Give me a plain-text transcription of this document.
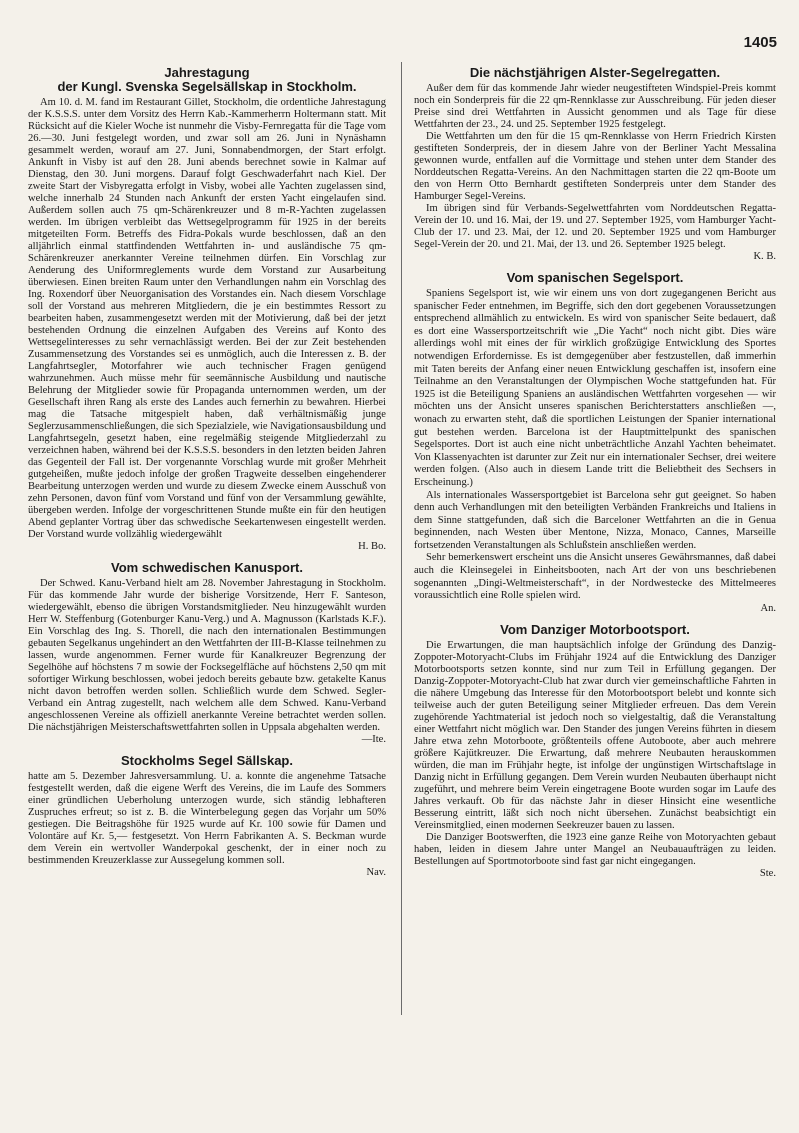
1405
Jahrestagung
der Kungl. Svenska Segelsällskap in Stockholm.

Am 10. d. M. fand im Restaurant Gillet, Stockholm, die ordentliche Jahrestagung der K.S.S.S. unter dem Vorsitz des Herrn Kab.-Kammerherrn Holtermann statt. Mit Rücksicht auf die Kieler Woche ist nunmehr die Visby-Fernregatta für die Tage vom 26.—30. Juni festgelegt worden, und zwar soll am 26. Juni in Nynäshamn gesammelt werden, worauf am 27. Juni, Sonnabendmorgen, der Start erfolgt. Ankunft in Visby ist auf den 28. Juni abends berechnet sowie in Kalmar auf Dienstag, den 30. Juni morgens. Darauf folgt Geschwaderfahrt nach Kiel. Der zweite Start der Visbyregatta erfolgt in Visby, wobei alle Yachten zugelassen sind, welche innerhalb 24 Stunden nach Ankunft der ersten Yacht eingelaufen sind. Außerdem sollen auch 75 qm-Schärenkreuzer und 8 m-R-Yachten zugelassen werden. Im übrigen verbleibt das Wettsegelprogramm für 1925 in der bereits mitgeteilten Form. Betreffs des Fidra-Pokals wurde beschlossen, daß an den alljährlich einmal stattfindenden Wettfahrten in- und ausländische 75 qm-Schärenkreuzer anerkannter Vereine teilnehmen dürfen. Ein Vorschlag zur Aenderung des Uniformreglements wurde dem Vorstand zur Ausarbeitung überwiesen. Einen breiten Raum unter den Verhandlungen nahm ein Vorschlag des Ing. Roxendorf über Neuorganisation des Vorstandes ein. Nach diesem Vorschlage soll der Vorstand aus mehreren Mitgliedern, die je ein bestimmtes Ressort zu bearbeiten haben, zusammengesetzt werden mit der Motivierung, daß bei der jetzt bestehenden Ordnung die einzelnen Aufgaben des Vereins auf Konto des Wettsegelinteresses zu sehr vernachlässigt werden. Bei der zur Zeit bestehenden Zusammensetzung des Vorstandes sei es unmöglich, auch die Interessen z. B. der Langfahrtsegler, Motorfahrer wie auch technischer Fragen genügend wahrzunehmen. Auch müsse mehr für seemännische Ausbildung und nautische Belehrung der Mitglieder sowie für Propaganda unternommen werden, um der Gesellschaft ihren Rang als erste des Landes auch fernerhin zu bewahren. Hierbei mag die Tatsache mitgespielt haben, daß verhältnismäßig junge Seglerzusammenschließungen, die sich Spezialziele, wie Navigationsausbildung und Langfahrtsegeln, gesetzt haben, eine regelmäßig steigende Mitgliederzahl zu verzeichnen haben, während bei der K.S.S.S. besonders in den letzten beiden Jahren das Gegenteil der Fall ist. Der vorgenannte Vorschlag wurde mit großer Mehrheit gutgeheißen, mußte jedoch infolge der großen Tragweite desselben eingehenderer Bearbeitung unterzogen werden und wurde zu diesem Zwecke einem Ausschuß von zehn Personen, davon fünf vom Vorstand und fünf von der Versammlung gewählte, übergeben werden. Infolge der vorgeschrittenen Stunde mußte ein für den heutigen Abend geplanter Vortrag über das schwedische Seekartenwesen eingestellt werden. Der Vorstand wurde vollzählig wiedergewählt

H. Bo.
Vom schwedischen Kanusport.

Der Schwed. Kanu-Verband hielt am 28. November Jahrestagung in Stockholm. Für das kommende Jahr wurde der bisherige Vorsitzende, Herr F. Santeson, wiedergewählt, ebenso die übrigen Vorstandsmitglieder. Neu hinzugewählt wurden Herr W. Steffenburg (Gotenburger Kanu-Verg.) und A. Magnusson (Karlstads K.F.). Ein Vorschlag des Ing. S. Thorell, die nach den internationalen Bestimmungen gebauten Segelkanus ungehindert an den Wettfahrten der III-B-Klasse teilnehmen zu lassen, wurde angenommen. Ferner wurde für Kanalkreuzer Begrenzung der Segelhöhe auf höchstens 7 m sowie der Focksegelfläche auf höchstens 2,50 qm mit sofortiger Wirkung beschlossen, wobei jedoch bereits gebaute bzw. getakelte Kanus nicht davon betroffen werden sollen. Schließlich wurde dem Schwed. Segler-Verband ein Antrag zugestellt, nach welchem alle dem Schwed. Kanu-Verband angeschlossenen Vereine als offiziell anerkannte Vereine betrachtet werden sollen. Die nächstjährigen Meisterschaftswettfahrten sollen in Uppsala abgehalten werden.

—Ite.
Stockholms Segel Sällskap.

hatte am 5. Dezember Jahresversammlung. U. a. konnte die angenehme Tatsache festgestellt werden, daß die eigene Werft des Vereins, die im Laufe des Sommers einer gründlichen Ueberholung unterzogen wurde, sich ständig lebhafteren Zuspruches erfreut; so ist z. B. die Winterbelegung gegen das Vorjahr um 50% gestiegen. Die Beitragshöhe für 1925 wurde auf Kr. 100 sowie für Damen und Volontäre auf Kr. 5,— festgesetzt. Von Herrn Fabrikanten A. S. Beckman wurde dem Verein ein wertvoller Wanderpokal geschenkt, der in einer noch zu bestimmenden Kreuzerklasse zur Aussegelung kommen soll.

Nav.
Die nächstjährigen Alster-Segelregatten.

Außer dem für das kommende Jahr wieder neugestifteten Windspiel-Preis kommt noch ein Sonderpreis für die 22 qm-Rennklasse zur Ausschreibung. Für jeden dieser Preise sind drei Wettfahrten in Aussicht genommen und als Tage für diese Wettfahrten der 23., 24. und 25. September 1925 festgelegt.

Die Wettfahrten um den für die 15 qm-Rennklasse von Herrn Friedrich Kirsten gestifteten Sonderpreis, der in diesem Jahre von der Berliner Yacht Messalina gewonnen wurde, entfallen auf die Vormittage und stehen unter dem Stander des Norddeutschen Regatta-Vereins. An den Nachmittagen starten die 22 qm-Boote um den von Herrn Otto Bernhardt gestifteten Sonderpreis unter dem Stander des Hamburger Segel-Vereins.

Im übrigen sind für Verbands-Segelwettfahrten vom Norddeutschen Regatta-Verein der 10. und 16. Mai, der 19. und 27. September 1925, vom Hamburger Yacht-Club der 17. und 23. Mai, der 12. und 20. September 1925 und vom Hamburger Segel-Verein der 20. und 21. Mai, der 13. und 26. September 1925 belegt.

K. B.
Vom spanischen Segelsport.

Spaniens Segelsport ist, wie wir einem uns von dort zugegangenen Bericht aus spanischer Feder entnehmen, im Begriffe, sich den dort gegebenen Voraussetzungen entsprechend allmählich zu entwickeln. Es wird von spanischer Seite bedauert, daß es dort eine Wassersportzeitschrift wie „Die Yacht“ noch nicht gibt. Dies wäre allerdings wohl mit eines der für wirklich großzügige Entwicklung des Sportes notwendigen Erfordernisse. Es ist demgegenüber aber festzustellen, daß immerhin mit Taten bereits der Anfang einer neuen Entwicklung geschaffen ist, insofern eine Teilnahme an den Veranstaltungen der Olympischen Woche stattgefunden hat. Für 1925 ist die Beteiligung Spaniens an ausländischen Wettfahrten vorgesehen — wir möchten uns der Ansicht unseres spanischen Berichterstatters anschließen —, wonach zu erwarten steht, daß die sportlichen Leistungen der Spanier international gut bestehen werden. Barcelona ist der Hauptmittelpunkt des spanischen Segelsportes. Dort ist auch eine nicht unbeträchtliche Anzahl Yachten beheimatet. Von Klassenyachten ist darunter zur Zeit nur ein internationaler Sechser, drei weitere werden folgen. (Also auch in diesem Lande tritt die Beliebtheit des Sechsers in Erscheinung.)

Als internationales Wassersportgebiet ist Barcelona sehr gut geeignet. So haben denn auch Verhandlungen mit den beteiligten Verbänden Frankreichs und Italiens in dem Sinne stattgefunden, daß sich die Barceloner Wettfahrten an die in Genua beginnenden, nach Westen über Mentone, Nizza, Monaco, Cannes, Marseille fortsetzenden Veranstaltungen als Schlußstein anschließen werden.

Sehr bemerkenswert erscheint uns die Ansicht unseres Gewährsmannes, daß dabei auch die Kleinsegelei in Einheitsbooten, nach Art der von uns beschriebenen sogenannten „Dingi-Weltmeisterschaft“, in der Nordwestecke des Mittelmeeres voraussichtlich eine Rolle spielen wird.

An.
Vom Danziger Motorbootsport.

Die Erwartungen, die man hauptsächlich infolge der Gründung des Danzig-Zoppoter-Motoryacht-Clubs im Frühjahr 1924 auf die Entwicklung des Danziger Motorbootsports setzen konnte, sind nur zum Teil in Erfüllung gegangen. Der Danzig-Zoppoter-Motoryacht-Club hat zwar durch vier gemeinschaftliche Fahrten in die nähere Umgebung das Interesse für den Motorbootsport belebt und konnte sich teilweise auch der guten Beteiligung seiner Mitglieder erfreuen. Das dem Verein zugehörende Yachtmaterial ist jedoch noch so vielgestaltig, daß die Veranstaltung einer Wettfahrt nicht möglich war. Den Stander des jungen Vereins führten in diesem Jahre etwa zehn Motorboote, größtenteils offene Autoboote, aber auch mehrere größere Kajütkreuzer. Die Erwartung, daß mehrere Neubauten herauskommen würden, die man im Frühjahr hegte, ist infolge der ungünstigen Wirtschaftslage in Danzig nicht in Erfüllung gegangen. Dem Verein wurden Neubauten überhaupt nicht zugeführt, und mehrere beim Verein eingetragene Boote wurden sogar im Laufe des Jahres verkauft. Ob für das nächste Jahr in dieser Hinsicht eine wesentliche Besserung eintritt, läßt sich noch nicht übersehen. Zunächst beabsichtigt ein Vereinsmitglied, einen modernen Seekreuzer bauen zu lassen.

Die Danziger Bootswerften, die 1923 eine ganze Reihe von Motoryachten gebaut haben, leiden in diesem Jahre unter Mangel an Neubauaufträgen zu leiden. Bestellungen auf Sportmotorboote sind fast gar nicht eingegangen.

Ste.
